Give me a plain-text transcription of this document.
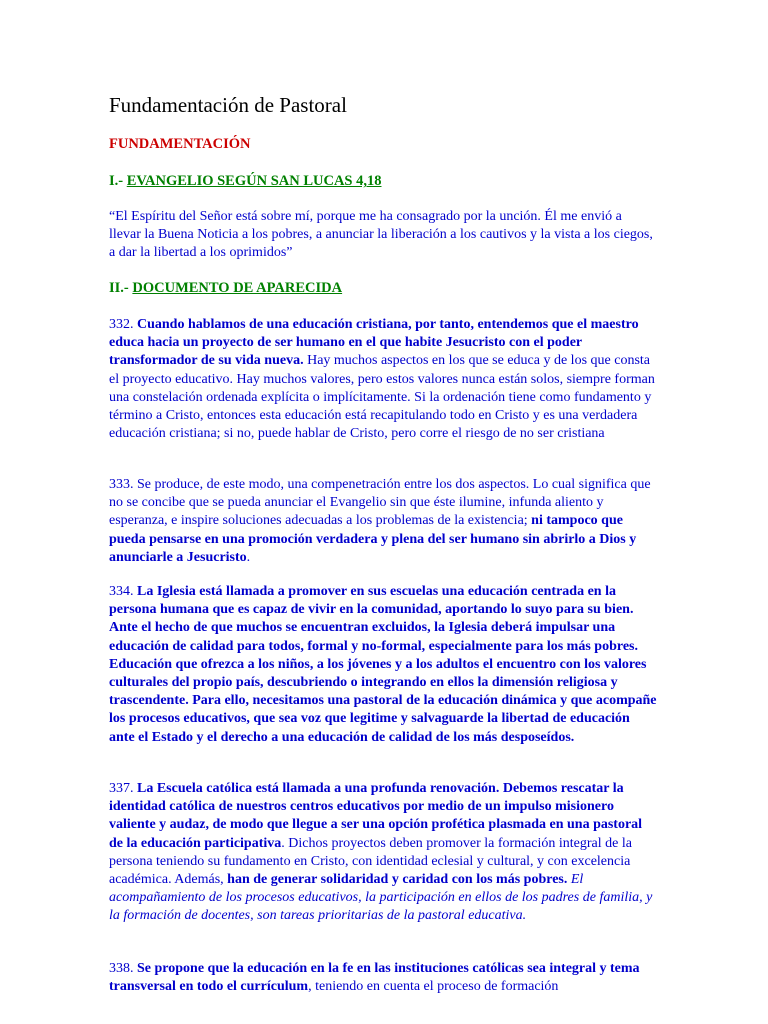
Fundamentación de Pastoral
FUNDAMENTACIÓN
I.- EVANGELIO SEGÚN SAN LUCAS 4,18
“El Espíritu del Señor está sobre mí, porque me ha consagrado por la unción. Él me envió a llevar la Buena Noticia a los pobres, a anunciar la liberación a los cautivos y la vista a los ciegos, a dar la libertad a los oprimidos”
II.- DOCUMENTO DE APARECIDA
332. Cuando hablamos de una educación cristiana, por tanto, entendemos que el maestro educa hacia un proyecto de ser humano en el que habite Jesucristo con el poder transformador de su vida nueva. Hay muchos aspectos en los que se educa y de los que consta el proyecto educativo. Hay muchos valores, pero estos valores nunca están solos, siempre forman una constelación ordenada explícita o implícitamente. Si la ordenación tiene como fundamento y término a Cristo, entonces esta educación está recapitulando todo en Cristo y es una verdadera educación cristiana; si no, puede hablar de Cristo, pero corre el riesgo de no ser cristiana
333. Se produce, de este modo, una compenetración entre los dos aspectos. Lo cual significa que no se concibe que se pueda anunciar el Evangelio sin que éste ilumine, infunda aliento y esperanza, e inspire soluciones adecuadas a los problemas de la existencia; ni tampoco que pueda pensarse en una promoción verdadera y plena del ser humano sin abrirlo a Dios y anunciarle a Jesucristo.
334. La Iglesia está llamada a promover en sus escuelas una educación centrada en la persona humana que es capaz de vivir en la comunidad, aportando lo suyo para su bien. Ante el hecho de que muchos se encuentran excluidos, la Iglesia deberá impulsar una educación de calidad para todos, formal y no-formal, especialmente para los más pobres. Educación que ofrezca a los niños, a los jóvenes y a los adultos el encuentro con los valores culturales del propio país, descubriendo o integrando en ellos la dimensión religiosa y trascendente. Para ello, necesitamos una pastoral de la educación dinámica y que acompañe los procesos educativos, que sea voz que legitime y salvaguarde la libertad de educación ante el Estado y el derecho a una educación de calidad de los más desposeídos.
337. La Escuela católica está llamada a una profunda renovación. Debemos rescatar la identidad católica de nuestros centros educativos por medio de un impulso misionero valiente y audaz, de modo que llegue a ser una opción profética plasmada en una pastoral de la educación participativa. Dichos proyectos deben promover la formación integral de la persona teniendo su fundamento en Cristo, con identidad eclesial y cultural, y con excelencia académica. Además, han de generar solidaridad y caridad con los más pobres. El acompañamiento de los procesos educativos, la participación en ellos de los padres de familia, y la formación de docentes, son tareas prioritarias de la pastoral educativa.
338. Se propone que la educación en la fe en las instituciones católicas sea integral y tema transversal en todo el currículum, teniendo en cuenta el proceso de formación
